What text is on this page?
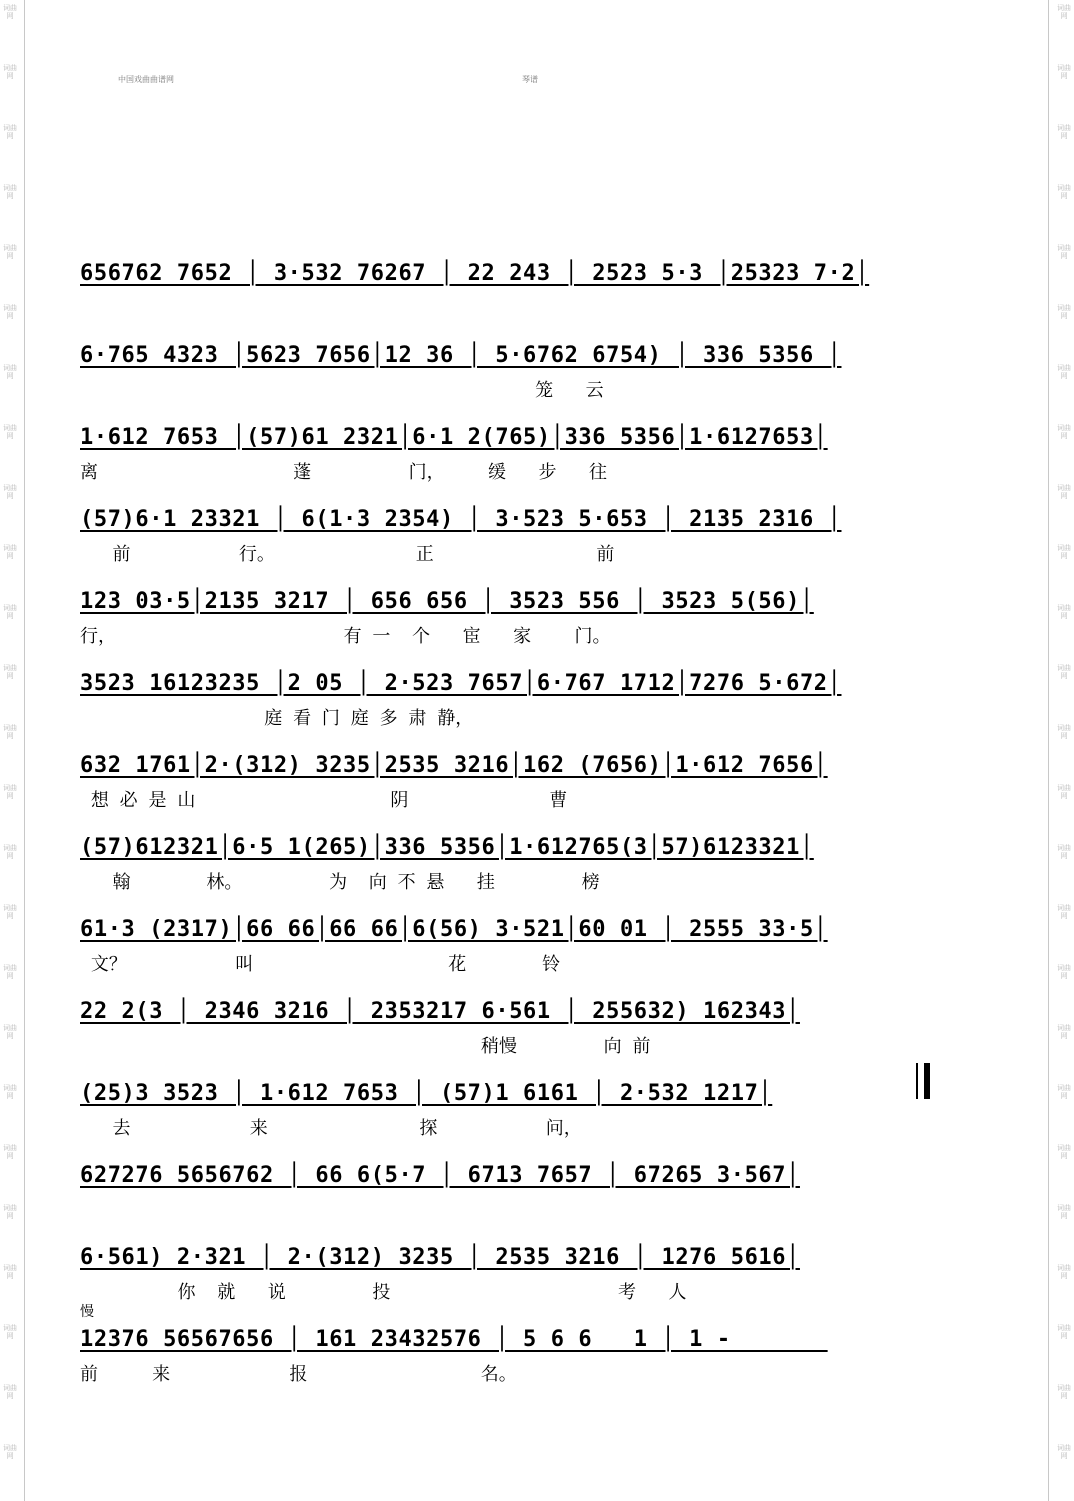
词曲网
词曲网
词曲网
词曲网
词曲网
词曲网
词曲网
词曲网
词曲网
词曲网
词曲网
词曲网
词曲网
词曲网
词曲网
词曲网
词曲网
词曲网
词曲网
词曲网
词曲网
词曲网
词曲网
词曲网
词曲网
词曲网
词曲网
词曲网
词曲网
词曲网
词曲网
词曲网
词曲网
词曲网
词曲网
词曲网
词曲网
词曲网
词曲网
词曲网
词曲网
词曲网
词曲网
词曲网
词曲网
词曲网
词曲网
词曲网
词曲网
词曲网
中国戏曲曲谱网	琴谱
656762 7652 │ 3·532 76267 │ 22 243 │ 2523 5·3 │25323 7·2│
6·765 4323 │5623 7656│12 36 │ 5·6762 6754) │ 336 5356 │
笼   云
1·612 7653 │(57)61 2321│6·1 2(765)│336 5356│1·6127653│
离                  蓬         门，    缓   步   往
(57)6·1 23321 │ 6(1·3 2354) │ 3·523 5·653 │ 2135 2316 │
前          行。             正               前
123 03·5│2135 3217 │ 656 656 │ 3523 556 │ 3523 5(56)│
行，                     有 一  个   宦   家    门。
3523 16123235 │2 05 │ 2·523 7657│6·767 1712│7276 5·672│
庭 看 门 庭 多 肃 静，
632 1761│2·(312) 3235│2535 3216│162 (7656)│1·612 7656│
想 必 是 山                  阴             曹
(57)612321│6·5 1(265)│336 5356│1·612765(3│57)6123321│
翰       林。        为  向 不 悬   挂        榜
61·3 (2317)│66 66│66 66│6(56) 3·521│60 01 │ 2555 33·5│
文？          叫                  花       铃
22 2(3 │ 2346 3216 │ 2353217 6·561 │ 255632) 162343│
稍慢        向 前
(25)3 3523 │ 1·612 7653 │ (57)1 6161 │ 2·532 1217│
去           来              探          问，
627276 5656762 │ 66 6(5·7 │ 6713 7657 │ 67265 3·567│
6·561) 2·321 │ 2·(312) 3235 │ 2535 3216 │ 1276 5616│
你  就   说        投                     考   人
12376 56567656 │ 161 23432576 │ 5 6 6   1 │ 1 -
前     来           报                名。
慢
